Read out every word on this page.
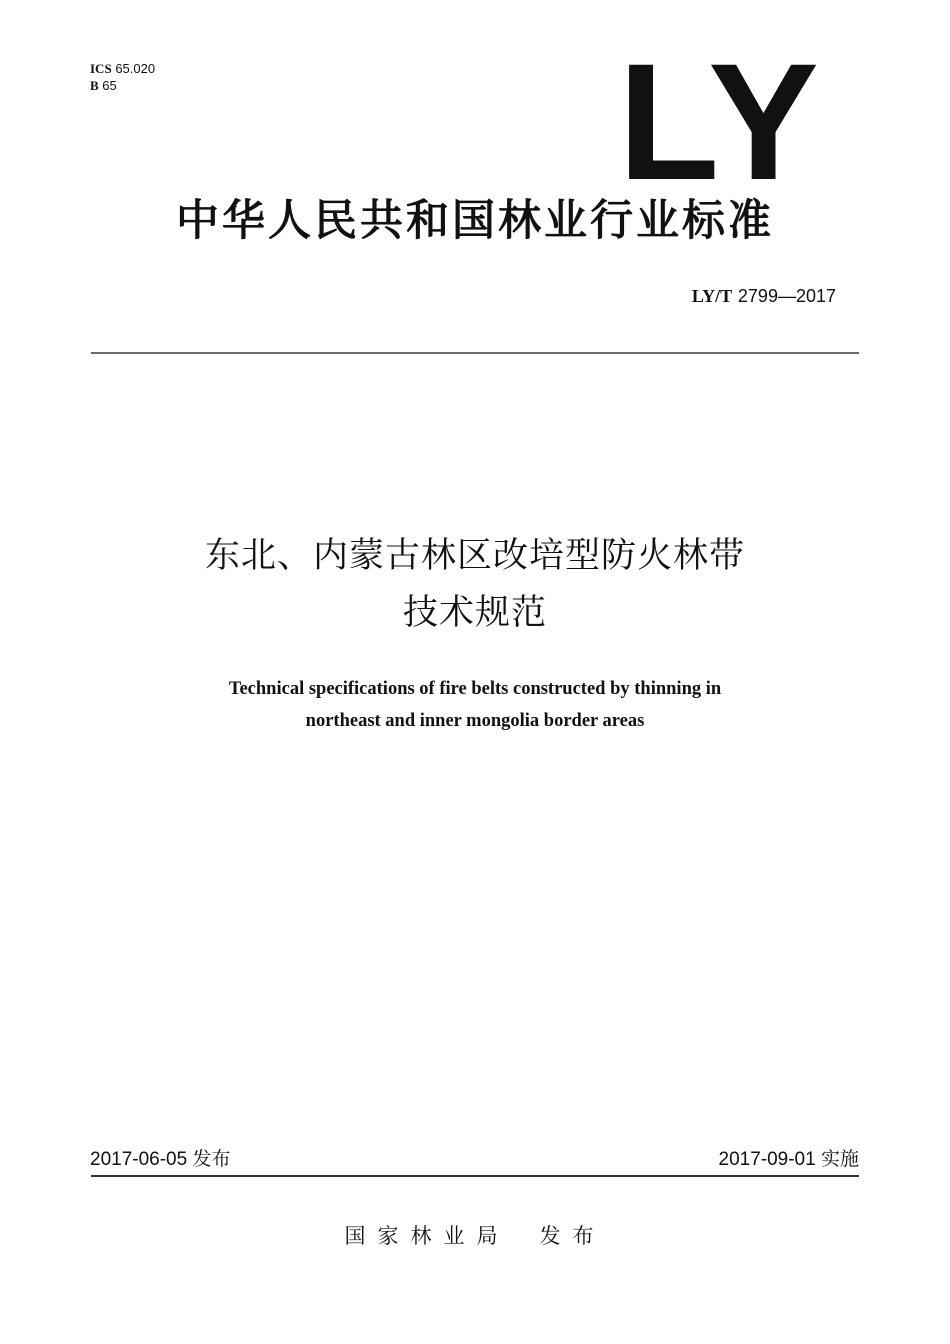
ICS 65.020
B 65	LY
中华人民共和国林业行业标准
LY/T 2799—2017
东北、内蒙古林区改培型防火林带
技术规范
Technical specifications of fire belts constructed by thinning in
northeast and inner mongolia border areas
2017-06-05 发布	2017-09-01 实施
国家林业局 发布
